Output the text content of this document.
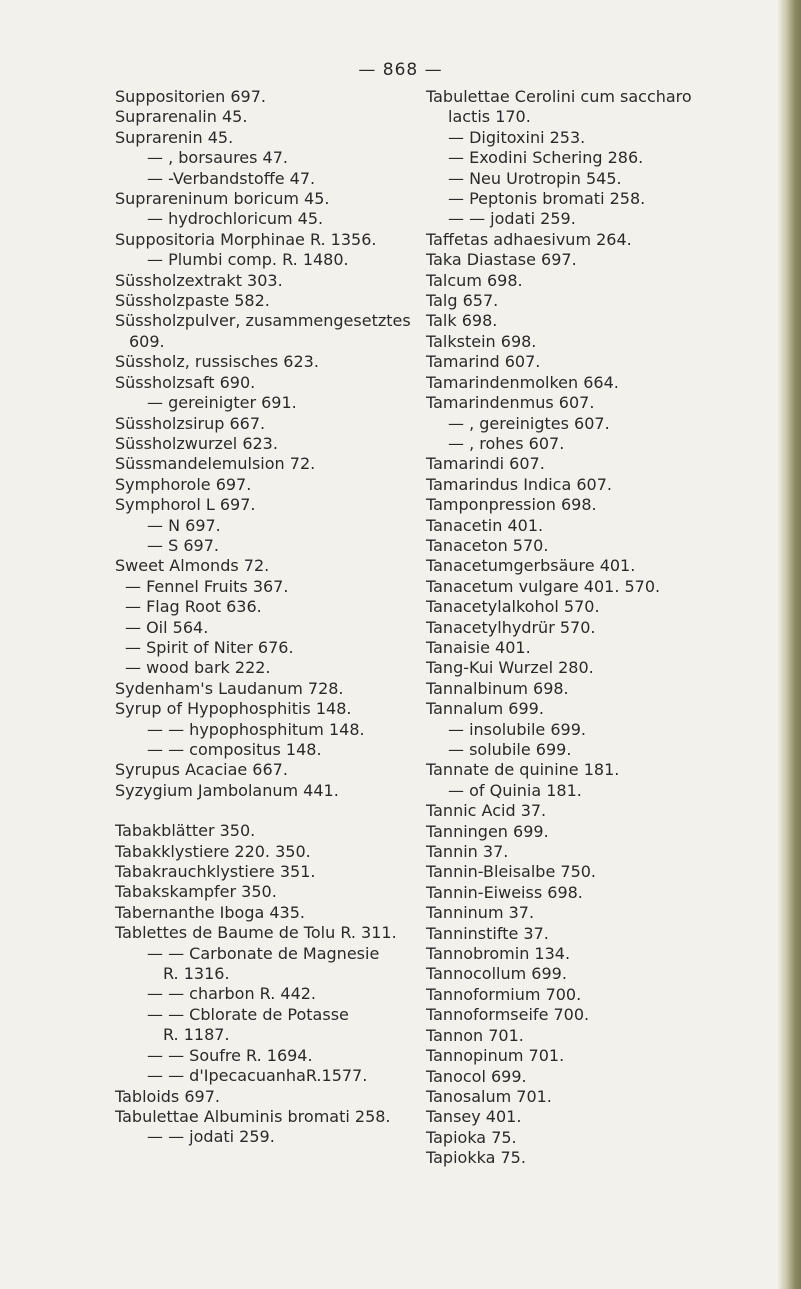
— 868 —
Suppositorien 697.
Suprarenalin 45.
Suprarenin 45.
— , borsaures 47.
— -Verbandstoffe 47.
Suprareninum boricum 45.
— hydrochloricum 45.
Suppositoria Morphinae R. 1356.
— Plumbi comp. R. 1480.
Süssholzextrakt 303.
Süssholzpaste 582.
Süssholzpulver, zusammengesetztes
609.
Süssholz, russisches 623.
Süssholzsaft 690.
— gereinigter 691.
Süssholzsirup 667.
Süssholzwurzel 623.
Süssmandelemulsion 72.
Symphorole 697.
Symphorol L 697.
— N 697.
— S 697.
Sweet Almonds 72.
— Fennel Fruits 367.
— Flag Root 636.
— Oil 564.
— Spirit of Niter 676.
— wood bark 222.
Sydenham's Laudanum 728.
Syrup of Hypophosphitis 148.
— — hypophosphitum 148.
— — compositus 148.
Syrupus Acaciae 667.
Syzygium Jambolanum 441.
Tabakblätter 350.
Tabakklystiere 220. 350.
Tabakrauchklystiere 351.
Tabakskampfer 350.
Tabernanthe Iboga 435.
Tablettes de Baume de Tolu R. 311.
— — Carbonate de Magnesie
R. 1316.
— — charbon R. 442.
— — Cblorate de Potasse
R. 1187.
— — Soufre R. 1694.
— — d'IpecacuanhaR.1577.
Tabloids 697.
Tabulettae Albuminis bromati 258.
— — jodati 259.
Tabulettae Cerolini cum saccharo
lactis 170.
— Digitoxini 253.
— Exodini Schering 286.
— Neu Urotropin 545.
— Peptonis bromati 258.
— — jodati 259.
Taffetas adhaesivum 264.
Taka Diastase 697.
Talcum 698.
Talg 657.
Talk 698.
Talkstein 698.
Tamarind 607.
Tamarindenmolken 664.
Tamarindenmus 607.
— , gereinigtes 607.
— , rohes 607.
Tamarindi 607.
Tamarindus Indica 607.
Tamponpression 698.
Tanacetin 401.
Tanaceton 570.
Tanacetumgerbsäure 401.
Tanacetum vulgare 401. 570.
Tanacetylalkohol 570.
Tanacetylhydrür 570.
Tanaisie 401.
Tang-Kui Wurzel 280.
Tannalbinum 698.
Tannalum 699.
— insolubile 699.
— solubile 699.
Tannate de quinine 181.
— of Quinia 181.
Tannic Acid 37.
Tanningen 699.
Tannin 37.
Tannin-Bleisalbe 750.
Tannin-Eiweiss 698.
Tanninum 37.
Tanninstifte 37.
Tannobromin 134.
Tannocollum 699.
Tannoformium 700.
Tannoformseife 700.
Tannon 701.
Tannopinum 701.
Tanocol 699.
Tanosalum 701.
Tansey 401.
Tapioka 75.
Tapiokka 75.
